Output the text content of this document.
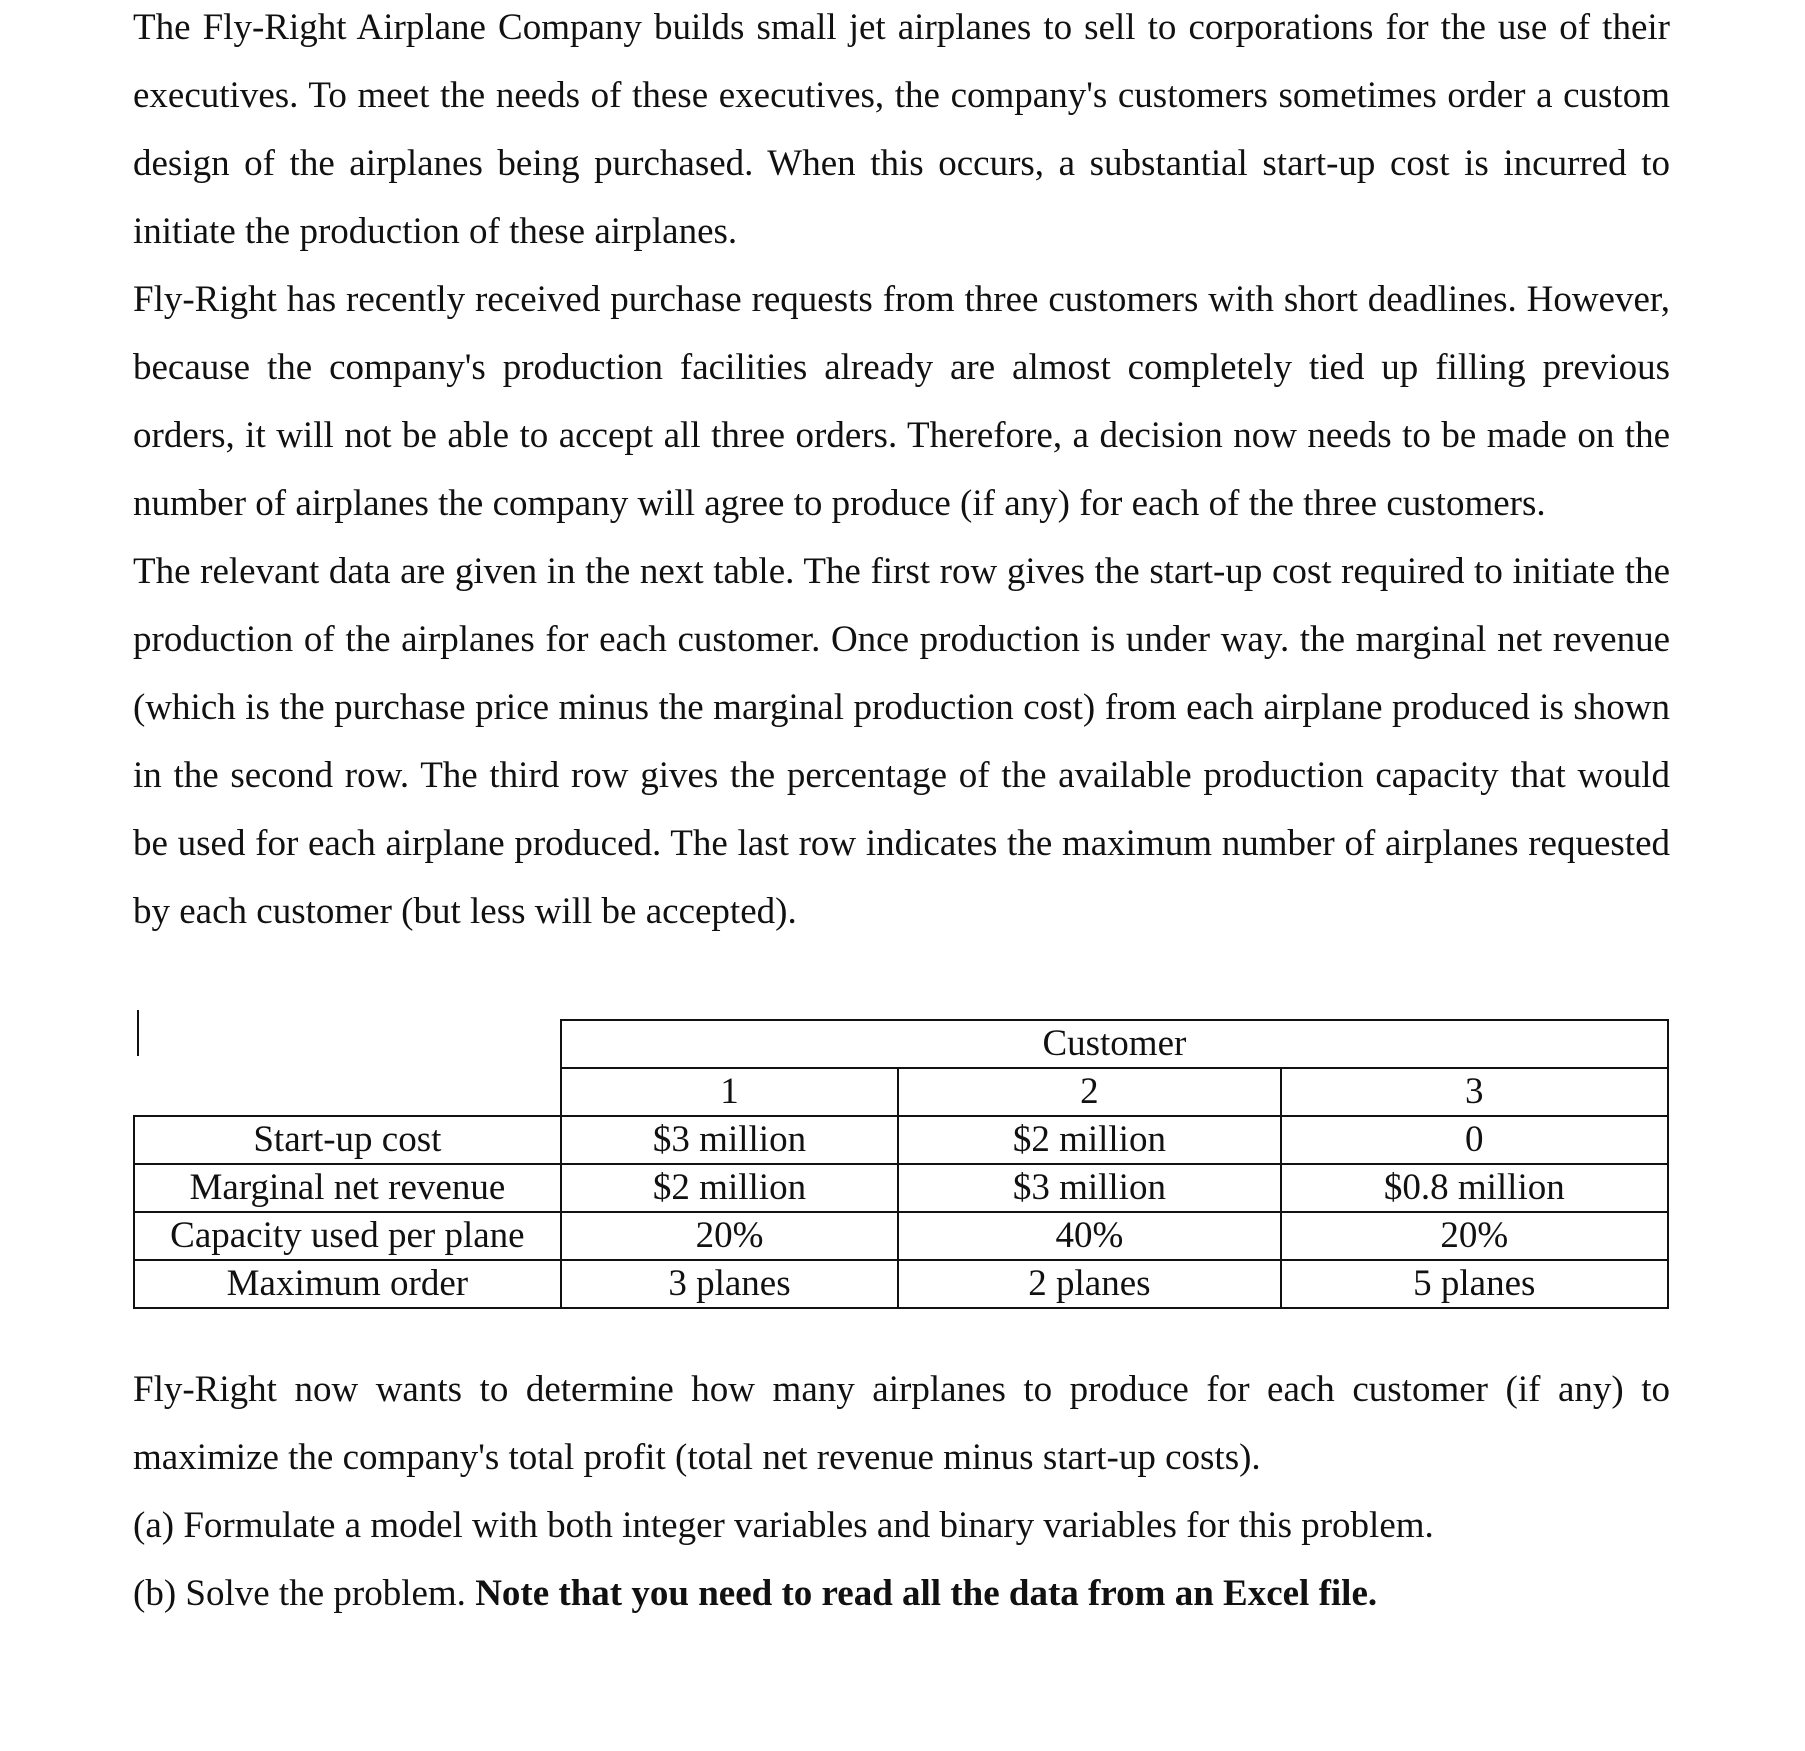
The Fly-Right Airplane Company builds small jet airplanes to sell to corporations for the use of their executives. To meet the needs of these executives, the company's customers sometimes order a custom design of the airplanes being purchased. When this occurs, a substantial start-up cost is incurred to initiate the production of these airplanes.

Fly-Right has recently received purchase requests from three customers with short deadlines. However, because the company's production facilities already are almost completely tied up filling previous orders, it will not be able to accept all three orders. Therefore, a decision now needs to be made on the number of airplanes the company will agree to produce (if any) for each of the three customers.

The relevant data are given in the next table. The first row gives the start-up cost required to initiate the production of the airplanes for each customer. Once production is under way. the marginal net revenue (which is the purchase price minus the marginal production cost) from each airplane produced is shown in the second row. The third row gives the percentage of the available production capacity that would be used for each airplane produced. The last row indicates the maximum number of airplanes requested by each customer (but less will be accepted).

	Customer		
	1	2	3
Start-up cost	$3 million	$2 million	0
Marginal net revenue	$2 million	$3 million	$0.8 million
Capacity used per plane	20%	40%	20%
Maximum order	3 planes	2 planes	5 planes

Fly-Right now wants to determine how many airplanes to produce for each customer (if any) to maximize the company's total profit (total net revenue minus start-up costs).

(a) Formulate a model with both integer variables and binary variables for this problem.

(b) Solve the problem. Note that you need to read all the data from an Excel file.
